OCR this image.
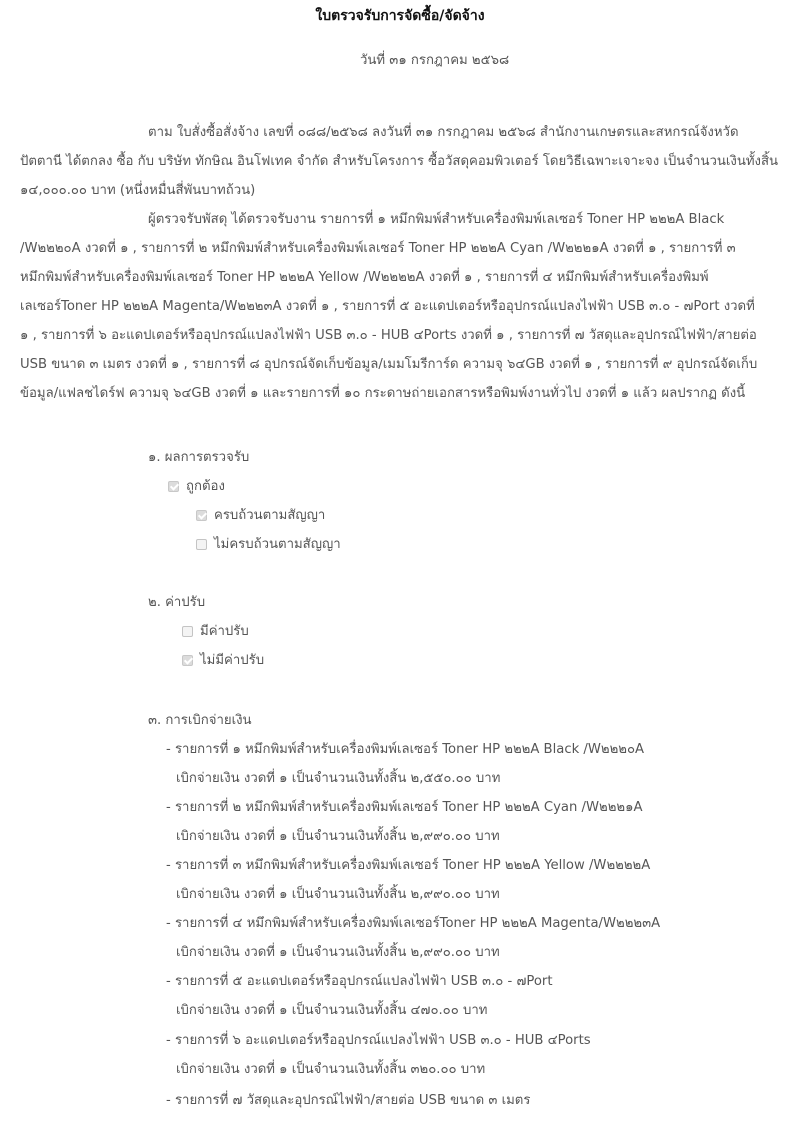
ใบตรวจรับการจัดซื้อ/จัดจ้าง
วันที่ ๓๑ กรกฎาคม ๒๕๖๘
ตาม ใบสั่งซื้อสั่งจ้าง เลขที่ ๐๘๘/๒๕๖๘ ลงวันที่ ๓๑ กรกฎาคม ๒๕๖๘ สำนักงานเกษตรและสหกรณ์จังหวัด
ปัตตานี ได้ตกลง ซื้อ กับ บริษัท ทักษิณ อินโฟเทค จำกัด สำหรับโครงการ ซื้อวัสดุคอมพิวเตอร์ โดยวิธีเฉพาะเจาะจง เป็นจำนวนเงินทั้งสิ้น
๑๔,๐๐๐.๐๐ บาท (หนึ่งหมื่นสี่พันบาทถ้วน)
ผู้ตรวจรับพัสดุ ได้ตรวจรับงาน รายการที่ ๑ หมึกพิมพ์สำหรับเครื่องพิมพ์เลเซอร์ Toner HP ๒๒๒A Black
/W๒๒๒๐A งวดที่ ๑ , รายการที่ ๒ หมึกพิมพ์สำหรับเครื่องพิมพ์เลเซอร์ Toner HP ๒๒๒A Cyan /W๒๒๒๑A งวดที่ ๑ , รายการที่ ๓
หมึกพิมพ์สำหรับเครื่องพิมพ์เลเซอร์ Toner HP ๒๒๒A Yellow /W๒๒๒๒A งวดที่ ๑ , รายการที่ ๔ หมึกพิมพ์สำหรับเครื่องพิมพ์
เลเซอร์Toner HP ๒๒๒A Magenta/W๒๒๒๓A งวดที่ ๑ , รายการที่ ๕ อะแดปเตอร์หรืออุปกรณ์แปลงไฟฟ้า USB ๓.๐ - ๗Port งวดที่
๑ , รายการที่ ๖ อะแดปเตอร์หรืออุปกรณ์แปลงไฟฟ้า USB ๓.๐ - HUB ๔Ports งวดที่ ๑ , รายการที่ ๗ วัสดุและอุปกรณ์ไฟฟ้า/สายต่อ
USB ขนาด ๓ เมตร งวดที่ ๑ , รายการที่ ๘ อุปกรณ์จัดเก็บข้อมูล/เมมโมรีการ์ด ความจุ ๖๔GB งวดที่ ๑ , รายการที่ ๙ อุปกรณ์จัดเก็บ
ข้อมูล/แฟลชไดร์ฟ ความจุ ๖๔GB งวดที่ ๑ และรายการที่ ๑๐ กระดาษถ่ายเอกสารหรือพิมพ์งานทั่วไป งวดที่ ๑ แล้ว ผลปรากฏ ดังนี้
๑. ผลการตรวจรับ
ถูกต้อง
ครบถ้วนตามสัญญา
ไม่ครบถ้วนตามสัญญา
๒. ค่าปรับ
มีค่าปรับ
ไม่มีค่าปรับ
๓. การเบิกจ่ายเงิน
- รายการที่ ๑ หมึกพิมพ์สำหรับเครื่องพิมพ์เลเซอร์ Toner HP ๒๒๒A Black /W๒๒๒๐A
เบิกจ่ายเงิน งวดที่ ๑ เป็นจำนวนเงินทั้งสิ้น ๒,๕๕๐.๐๐ บาท
- รายการที่ ๒ หมึกพิมพ์สำหรับเครื่องพิมพ์เลเซอร์ Toner HP ๒๒๒A Cyan /W๒๒๒๑A
เบิกจ่ายเงิน งวดที่ ๑ เป็นจำนวนเงินทั้งสิ้น ๒,๙๙๐.๐๐ บาท
- รายการที่ ๓ หมึกพิมพ์สำหรับเครื่องพิมพ์เลเซอร์ Toner HP ๒๒๒A Yellow /W๒๒๒๒A
เบิกจ่ายเงิน งวดที่ ๑ เป็นจำนวนเงินทั้งสิ้น ๒,๙๙๐.๐๐ บาท
- รายการที่ ๔ หมึกพิมพ์สำหรับเครื่องพิมพ์เลเซอร์Toner HP ๒๒๒A Magenta/W๒๒๒๓A
เบิกจ่ายเงิน งวดที่ ๑ เป็นจำนวนเงินทั้งสิ้น ๒,๙๙๐.๐๐ บาท
- รายการที่ ๕ อะแดปเตอร์หรืออุปกรณ์แปลงไฟฟ้า USB ๓.๐ - ๗Port
เบิกจ่ายเงิน งวดที่ ๑ เป็นจำนวนเงินทั้งสิ้น ๔๗๐.๐๐ บาท
- รายการที่ ๖ อะแดปเตอร์หรืออุปกรณ์แปลงไฟฟ้า USB ๓.๐ - HUB ๔Ports
เบิกจ่ายเงิน งวดที่ ๑ เป็นจำนวนเงินทั้งสิ้น ๓๒๐.๐๐ บาท
- รายการที่ ๗ วัสดุและอุปกรณ์ไฟฟ้า/สายต่อ USB ขนาด ๓ เมตร
